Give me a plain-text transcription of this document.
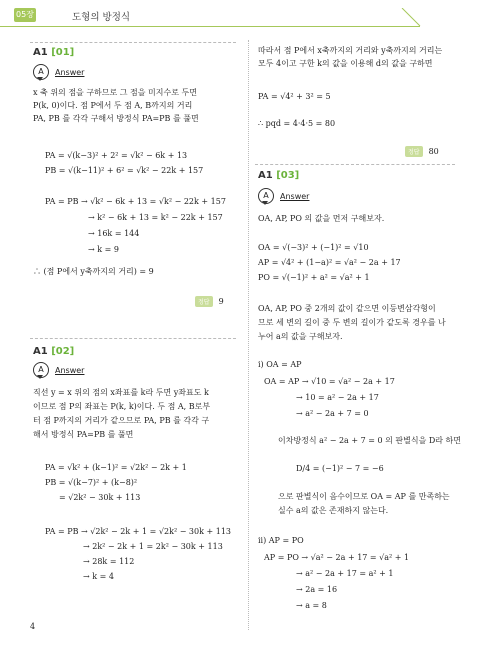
05장	도형의 방정식
A1 [01]
A	Answer
x 축 위의 점을 구하므로 그 점을 미지수로 두면
P(k, 0)이다. 점 P에서 두 점 A, B까지의 거리
PA, PB 를 각각 구해서 방정식 PA=PB 를 풀면
PA = √(k−3)² + 2² = √k² − 6k + 13
PB = √(k−11)² + 6² = √k² − 22k + 157
PA = PB → √k² − 6k + 13 = √k² − 22k + 157
→ k² − 6k + 13 = k² − 22k + 157
→ 16k = 144
→ k = 9
∴ (점 P에서 y축까지의 거리) = 9
정답	9
A1 [02]
A	Answer
직선 y = x 위의 점의 x좌표를 k라 두면 y좌표도 k
이므로 점 P의 좌표는 P(k, k)이다. 두 점 A, B로부
터 점 P까지의 거리가 같으므로 PA, PB 를 각각 구
해서 방정식 PA=PB 를 풀면
PA = √k² + (k−1)² = √2k² − 2k + 1
PB = √(k−7)² + (k−8)²
= √2k² − 30k + 113
PA = PB → √2k² − 2k + 1 = √2k² − 30k + 113
→ 2k² − 2k + 1 = 2k² − 30k + 113
→ 28k = 112
→ k = 4
4
따라서 점 P에서 x축까지의 거리와 y축까지의 거리는
모두 4이고 구한 k의 값을 이용해 d의 값을 구하면
PA = √4² + 3² = 5
∴ pqd = 4·4·5 = 80
정답	80
A1 [03]
A	Answer
OA, AP, PO 의 값을 먼저 구해보자.
OA = √(−3)² + (−1)² = √10
AP = √4² + (1−a)² = √a² − 2a + 17
PO = √(−1)² + a² = √a² + 1
OA, AP, PO 중 2개의 값이 같으면 이등변삼각형이
므로 세 변의 길이 중 두 변의 길이가 같도록 경우를 나
누어 a의 값을 구해보자.
i) OA = AP
OA = AP → √10 = √a² − 2a + 17
→ 10 = a² − 2a + 17
→ a² − 2a + 7 = 0
이차방정식 a² − 2a + 7 = 0 의 판별식을 D라 하면
D/4 = (−1)² − 7 = −6
으로 판별식이 음수이므로 OA = AP 를 만족하는
실수 a의 값은 존재하지 않는다.
ii) AP = PO
AP = PO → √a² − 2a + 17 = √a² + 1
→ a² − 2a + 17 = a² + 1
→ 2a = 16
→ a = 8
